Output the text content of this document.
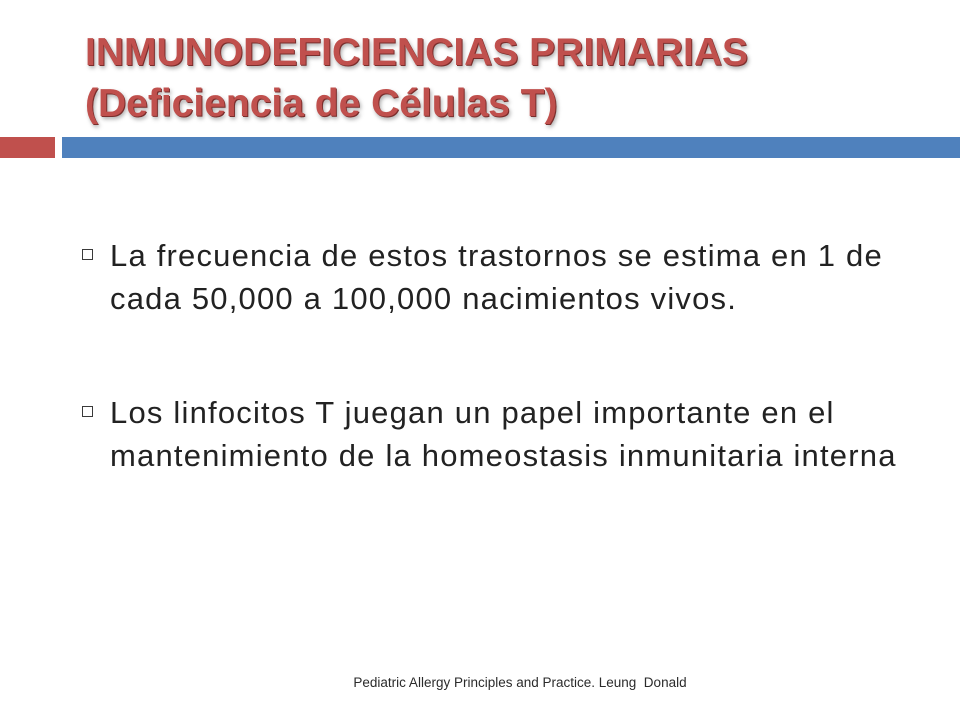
INMUNODEFICIENCIAS PRIMARIAS
(Deficiencia de Células T)
La frecuencia de estos trastornos se estima en 1 de
cada 50,000 a 100,000 nacimientos vivos.
Los linfocitos T juegan un papel importante en el
mantenimiento de la homeostasis inmunitaria interna
Pediatric Allergy Principles and Practice. Leung  Donald
